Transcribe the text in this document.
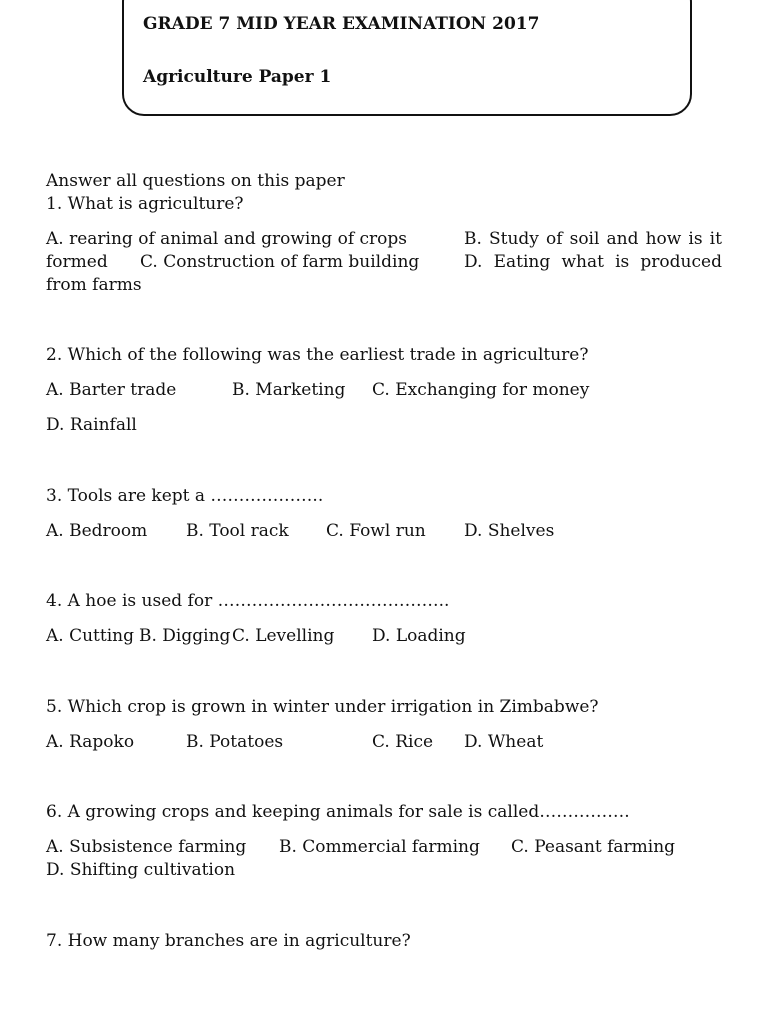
GRADE 7 MID YEAR EXAMINATION 2017
Agriculture Paper 1
Answer all questions on this paper
1. What is agriculture?
A. rearing of animal and growing of crops	B. Study of soil and how is it
formed C. Construction of farm building	D. Eating what is produced
from farms
2. Which of the following was the earliest trade in agriculture?
A. Barter trade	B. Marketing C. Exchanging for money
D. Rainfall
3. Tools are kept a ………………..
A. Bedroom B. Tool rack C. Fowl run D. Shelves
4. A hoe is used for …………………………………..
A. Cutting B. Digging C. Levelling D. Loading
5. Which crop is grown in winter under irrigation in Zimbabwe?
A. Rapoko	B. Potatoes	C. Rice D. Wheat
6. A growing crops and keeping animals for sale is called…………….
A. Subsistence farming B. Commercial farming C. Peasant farming
D. Shifting cultivation
7. How many branches are in agriculture?
